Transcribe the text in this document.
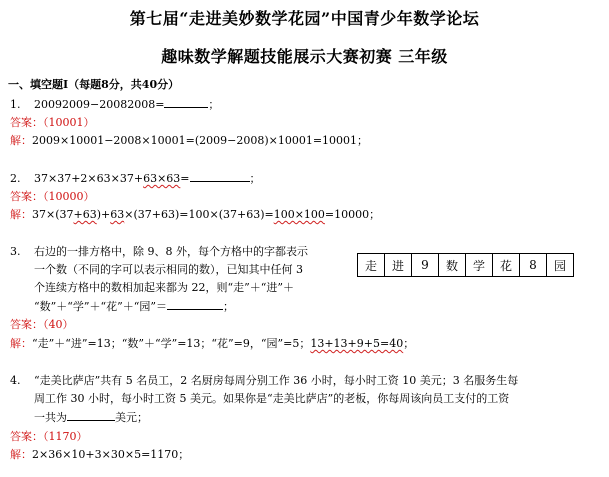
第七届“走进美妙数学花园”中国青少年数学论坛
趣味数学解题技能展示大赛初赛 三年级
一、填空题Ⅰ（每题8分，共40分）
1. 20092009−20082008=	；
答案：（10001）
解：2009×10001−2008×10001=(2009−2008)×10001=10001；
2. 37×37+2×63×37+63×63=	；
答案：（10000）
解：37×(37+63)+63×(37+63)=100×(37+63)=100×100=10000；
3. 右边的一排方格中，除 9、8 外，每个方格中的字都表示
一个数（不同的字可以表示相同的数），已知其中任何 3
个连续方格中的数相加起来都为 22，则“走”＋“进”＋
“数”＋“学”＋“花”＋“园”＝	；
走	进	9	数	学	花	8	园
答案：（40）
解：“走”＋“进”=13；“数”＋“学”=13；“花”=9，“园”=5；13+13+9+5=40；
4. “走美比萨店”共有 5 名员工，2 名厨房每周分别工作 36 小时，每小时工资 10 美元；3 名服务生每
周工作 30 小时，每小时工资 5 美元。如果你是“走美比萨店”的老板，你每周该向员工支付的工资
一共为	美元；
答案：（1170）
解：2×36×10+3×30×5=1170；
